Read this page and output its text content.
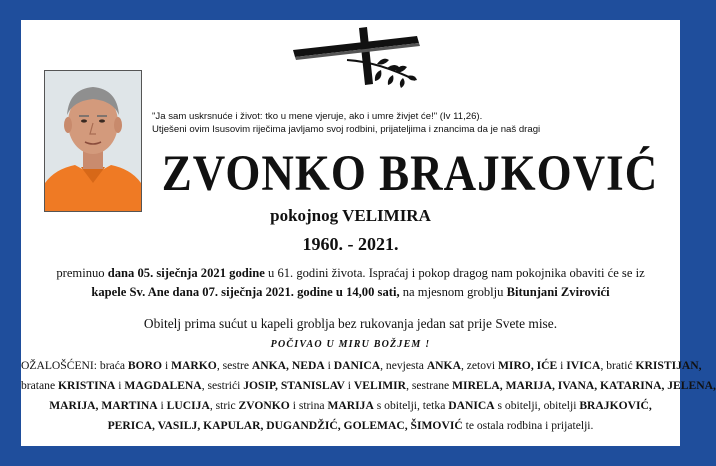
"Ja sam uskrsnuće i život: tko u mene vjeruje, ako i umre živjet će!" (Iv 11,26).
Utješeni ovim Isusovim riječima javljamo svoj rodbini, prijateljima i znancima da je naš dragi
ZVONKO BRAJKOVIĆ
pokojnog VELIMIRA
1960. - 2021.
preminuo dana 05. siječnja 2021 godine u 61. godini života. Ispraćaj i pokop dragog nam pokojnika obaviti će se iz
kapele Sv. Ane dana 07. siječnja 2021. godine u 14,00 sati, na mjesnom groblju Bitunjani Zvirovići
Obitelj prima sućut u kapeli groblja bez rukovanja jedan sat prije Svete mise.
POČIVAO U MIRU BOŽJEM !
OŽALOŠĆENI: braća BORO i MARKO, sestre ANKA, NEDA i DANICA, nevjesta ANKA, zetovi MIRO, IĆE i IVICA, bratić KRISTIJAN,
bratane KRISTINA i MAGDALENA, sestrići JOSIP, STANISLAV i VELIMIR, sestrane MIRELA, MARIJA, IVANA, KATARINA, JELENA,
MARIJA, MARTINA i LUCIJA, stric ZVONKO i strina MARIJA s obitelji, tetka DANICA s obitelji, obitelji BRAJKOVIĆ,
PERICA, VASILJ, KAPULAR, DUGANDŽIĆ, GOLEMAC, ŠIMOVIĆ te ostala rodbina i prijatelji.
